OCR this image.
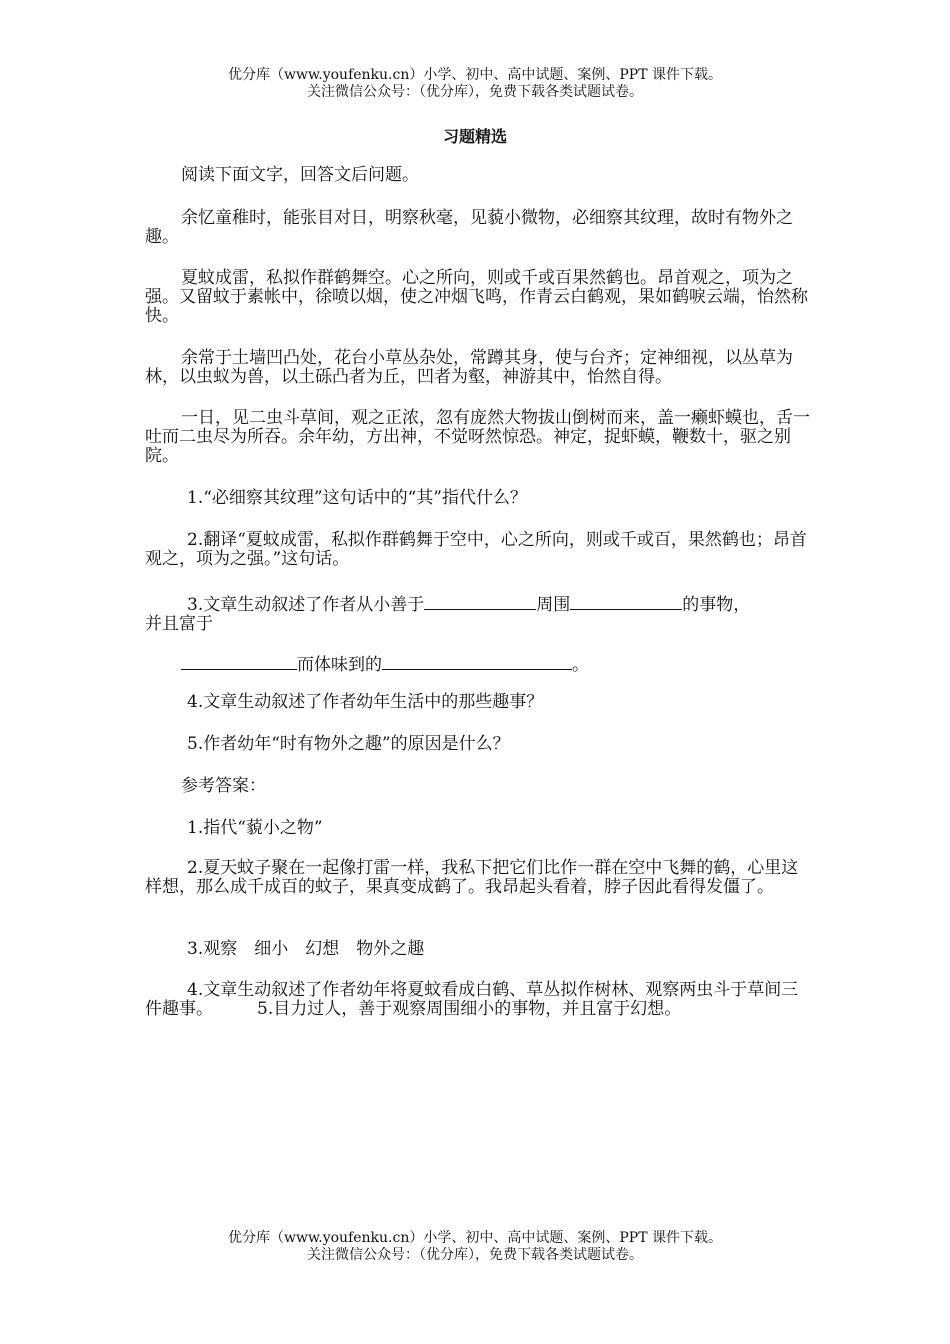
优分库（www.youfenku.cn）小学、初中、高中试题、案例、PPT 课件下载。
关注微信公众号：（优分库），免费下载各类试题试卷。
习题精选
阅读下面文字，回答文后问题。
余忆童稚时，能张目对日，明察秋毫，见藐小微物，必细察其纹理，故时有物外之趣。
夏蚊成雷，私拟作群鹤舞空。心之所向，则或千或百果然鹤也。昂首观之，项为之强。又留蚊于素帐中，徐喷以烟，使之冲烟飞鸣，作青云白鹤观，果如鹤唳云端，怡然称快。
余常于土墙凹凸处，花台小草丛杂处，常蹲其身，使与台齐；定神细视，以丛草为林，以虫蚁为兽，以土砾凸者为丘，凹者为壑，神游其中，怡然自得。
一日，见二虫斗草间，观之正浓，忽有庞然大物拔山倒树而来，盖一癞虾蟆也，舌一吐而二虫尽为所吞。余年幼，方出神，不觉呀然惊恐。神定，捉虾蟆，鞭数十，驱之别院。
1.“必细察其纹理”这句话中的“其”指代什么？
2.翻译“夏蚊成雷，私拟作群鹤舞于空中，心之所向，则或千或百，果然鹤也；昂首观之，项为之强。”这句话。
3.文章生动叙述了作者从小善于	周围	的事物，
并且富于
而体味到的	。
4.文章生动叙述了作者幼年生活中的那些趣事？
5.作者幼年“时有物外之趣”的原因是什么？
参考答案：
1.指代“藐小之物”
2.夏天蚊子聚在一起像打雷一样，我私下把它们比作一群在空中飞舞的鹤，心里这样想，那么成千成百的蚊子，果真变成鹤了。我昂起头看着，脖子因此看得发僵了。
3.观察　细小　幻想　物外之趣
4.文章生动叙述了作者幼年将夏蚊看成白鹤、草丛拟作树林、观察两虫斗于草间三件趣事。	5.目力过人，善于观察周围细小的事物，并且富于幻想。
优分库（www.youfenku.cn）小学、初中、高中试题、案例、PPT 课件下载。
关注微信公众号：（优分库），免费下载各类试题试卷。
